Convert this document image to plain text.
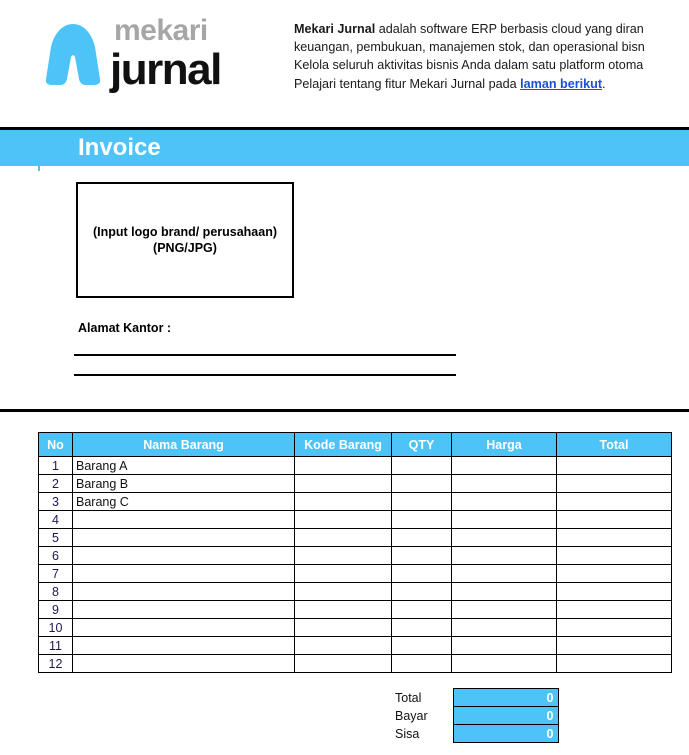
mekari
jurnal
Mekari Jurnal adalah software ERP berbasis cloud yang diran
keuangan, pembukuan, manajemen stok, dan operasional bisn
Kelola seluruh aktivitas bisnis Anda dalam satu platform otoma
Pelajari tentang fitur Mekari Jurnal pada laman berikut.
Invoice
(Input logo brand/ perusahaan)
(PNG/JPG)
Alamat Kantor :
No	Nama Barang	Kode Barang	QTY	Harga	Total
1	Barang A				
2	Barang B				
3	Barang C				
4					
5					
6					
7					
8					
9					
10					
11					
12					
Total	0
Bayar	0
Sisa	0
